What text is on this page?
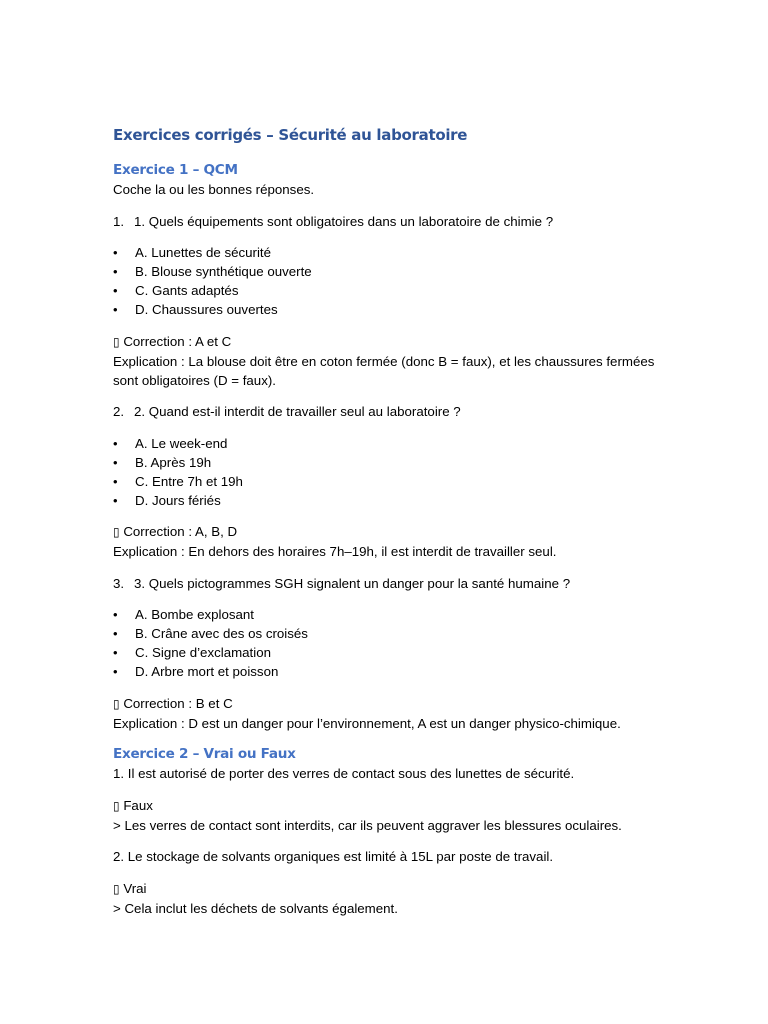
Exercices corrigés – Sécurité au laboratoire
Exercice 1 – QCM
Coche la ou les bonnes réponses.
1. 1. Quels équipements sont obligatoires dans un laboratoire de chimie ?
•	A. Lunettes de sécurité
•	B. Blouse synthétique ouverte
•	C. Gants adaptés
•	D. Chaussures ouvertes
▯ Correction : A et C
Explication : La blouse doit être en coton fermée (donc B = faux), et les chaussures fermées sont obligatoires (D = faux).
2. 2. Quand est-il interdit de travailler seul au laboratoire ?
•	A. Le week-end
•	B. Après 19h
•	C. Entre 7h et 19h
•	D. Jours fériés
▯ Correction : A, B, D
Explication : En dehors des horaires 7h–19h, il est interdit de travailler seul.
3. 3. Quels pictogrammes SGH signalent un danger pour la santé humaine ?
•	A. Bombe explosant
•	B. Crâne avec des os croisés
•	C. Signe d’exclamation
•	D. Arbre mort et poisson
▯ Correction : B et C
Explication : D est un danger pour l’environnement, A est un danger physico-chimique.
Exercice 2 – Vrai ou Faux
1. Il est autorisé de porter des verres de contact sous des lunettes de sécurité.
▯ Faux
> Les verres de contact sont interdits, car ils peuvent aggraver les blessures oculaires.
2. Le stockage de solvants organiques est limité à 15L par poste de travail.
▯ Vrai
> Cela inclut les déchets de solvants également.
